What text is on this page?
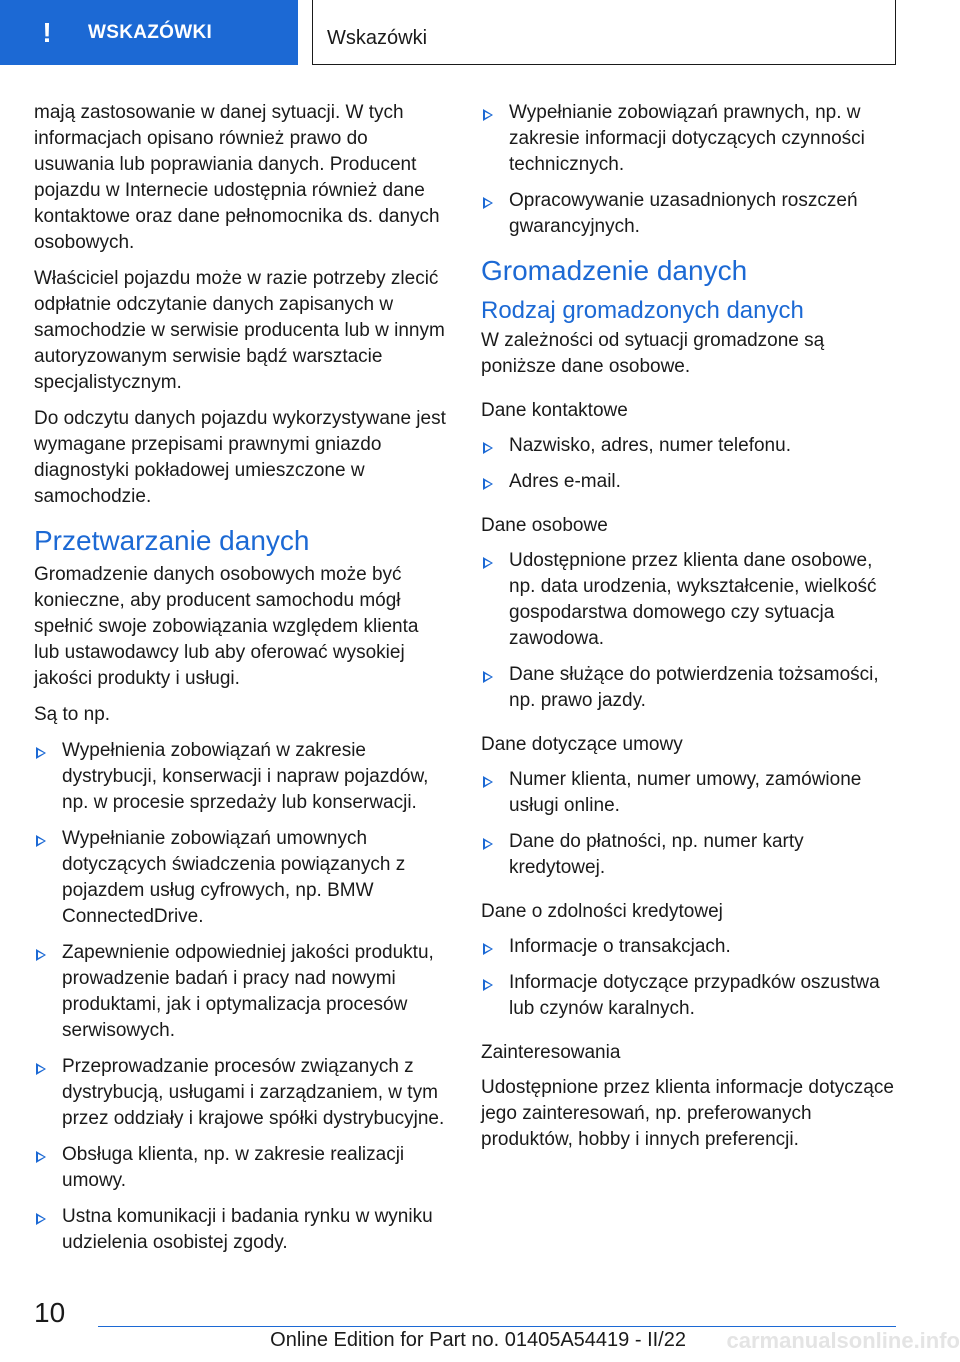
! WSKAZÓWKI	Wskazówki

mają zastosowanie w danej sytuacji. W tych informacjach opisano również prawo do usuwania lub poprawiania danych. Producent pojazdu w Internecie udostępnia również dane kontaktowe oraz dane pełnomocnika ds. danych osobowych.

Właściciel pojazdu może w razie potrzeby zlecić odpłatnie odczytanie danych zapisanych w samochodzie w serwisie producenta lub w innym autoryzowanym serwisie bądź warsztacie specjalistycznym.

Do odczytu danych pojazdu wykorzystywane jest wymagane przepisami prawnymi gniazdo diagnostyki pokładowej umieszczone w samochodzie.

Przetwarzanie danych

Gromadzenie danych osobowych może być konieczne, aby producent samochodu mógł spełnić swoje zobowiązania względem klienta lub ustawodawcy lub aby oferować wysokiej jakości produkty i usługi.

Są to np.

Wypełnienia zobowiązań w zakresie dystrybucji, konserwacji i napraw pojazdów, np. w procesie sprzedaży lub konserwacji.
Wypełnianie zobowiązań umownych dotyczących świadczenia powiązanych z pojazdem usług cyfrowych, np. BMW ConnectedDrive.
Zapewnienie odpowiedniej jakości produktu, prowadzenie badań i pracy nad nowymi produktami, jak i optymalizacja procesów serwisowych.
Przeprowadzanie procesów związanych z dystrybucją, usługami i zarządzaniem, w tym przez oddziały i krajowe spółki dystrybucyjne.
Obsługa klienta, np. w zakresie realizacji umowy.
Ustna komunikacji i badania rynku w wyniku udzielenia osobistej zgody.
Wypełnianie zobowiązań prawnych, np. w zakresie informacji dotyczących czynności technicznych.
Opracowywanie uzasadnionych roszczeń gwarancyjnych.
Gromadzenie danych
Rodzaj gromadzonych danych

W zależności od sytuacji gromadzone są poniższe dane osobowe.

Dane kontaktowe
Nazwisko, adres, numer telefonu.
Adres e-mail.
Dane osobowe
Udostępnione przez klienta dane osobowe, np. data urodzenia, wykształcenie, wielkość gospodarstwa domowego czy sytuacja zawodowa.
Dane służące do potwierdzenia tożsamości, np. prawo jazdy.
Dane dotyczące umowy
Numer klienta, numer umowy, zamówione usługi online.
Dane do płatności, np. numer karty kredytowej.
Dane o zdolności kredytowej
Informacje o transakcjach.
Informacje dotyczące przypadków oszustwa lub czynów karalnych.
Zainteresowania

Udostępnione przez klienta informacje dotyczące jego zainteresowań, np. preferowanych produktów, hobby i innych preferencji.

10
Online Edition for Part no. 01405A54419 - II/22 carmanualsonline.info
